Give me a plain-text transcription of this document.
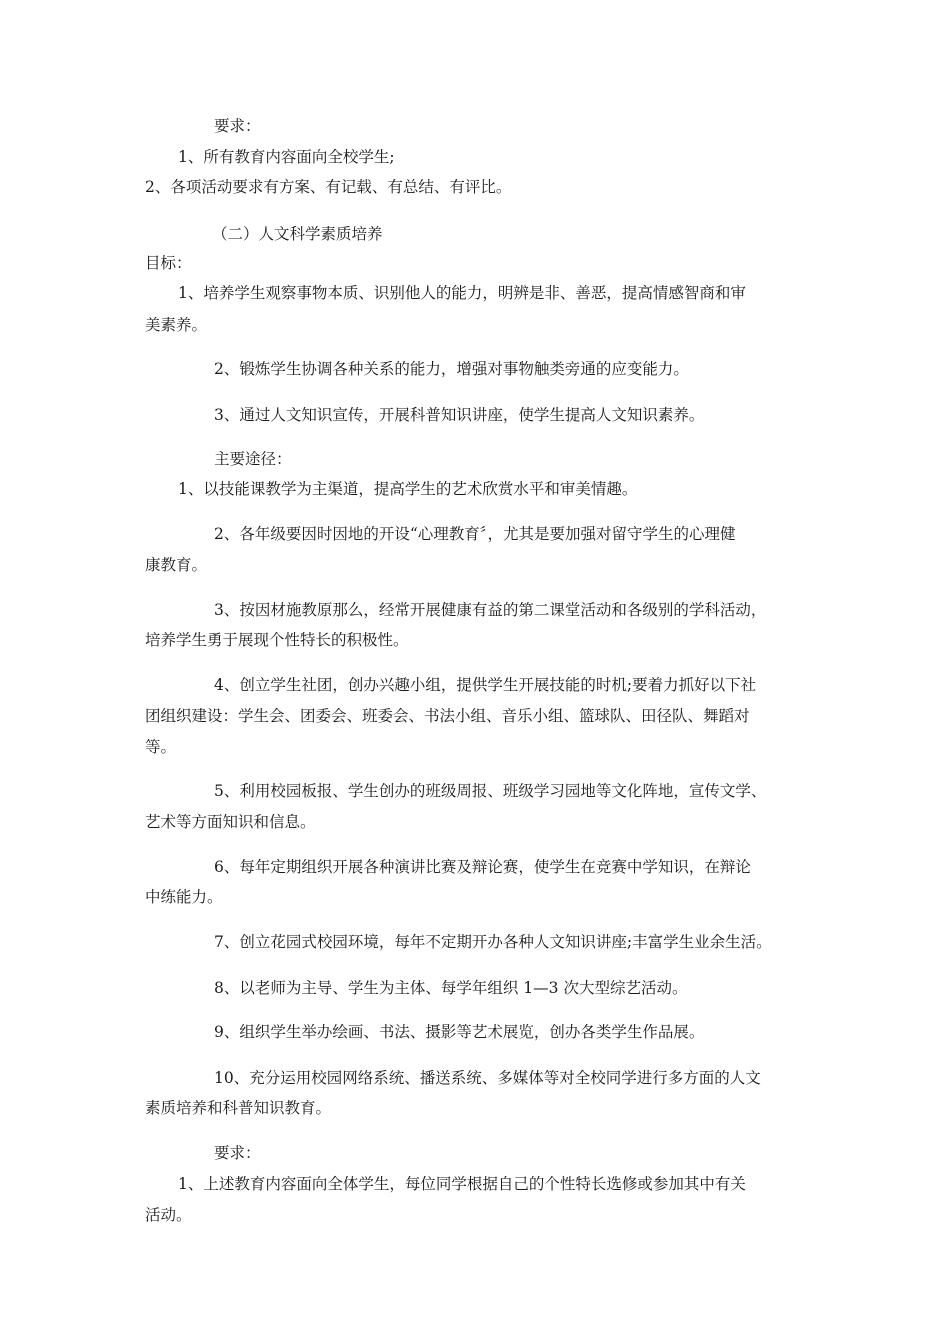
要求：
1、所有教育内容面向全校学生;
2、各项活动要求有方案、有记载、有总结、有评比。
（二）人文科学素质培养
目标：
1、培养学生观察事物本质、识别他人的能力，明辨是非、善恶，提高情感智商和审
美素养。
2、锻炼学生协调各种关系的能力，增强对事物触类旁通的应变能力。
3、通过人文知识宣传，开展科普知识讲座，使学生提高人文知识素养。
主要途径：
1、以技能课教学为主渠道，提高学生的艺术欣赏水平和审美情趣。
2、各年级要因时因地的开设“心理教育〞，尤其是要加强对留守学生的心理健
康教育。
3、按因材施教原那么，经常开展健康有益的第二课堂活动和各级别的学科活动，
培养学生勇于展现个性特长的积极性。
4、创立学生社团，创办兴趣小组，提供学生开展技能的时机;要着力抓好以下社
团组织建设：学生会、团委会、班委会、书法小组、音乐小组、篮球队、田径队、舞蹈对
等。
5、利用校园板报、学生创办的班级周报、班级学习园地等文化阵地，宣传文学、
艺术等方面知识和信息。
6、每年定期组织开展各种演讲比赛及辩论赛，使学生在竞赛中学知识，在辩论
中练能力。
7、创立花园式校园环境，每年不定期开办各种人文知识讲座;丰富学生业余生活。
8、以老师为主导、学生为主体、每学年组织 1—3 次大型综艺活动。
9、组织学生举办绘画、书法、摄影等艺术展览，创办各类学生作品展。
10、充分运用校园网络系统、播送系统、多媒体等对全校同学进行多方面的人文
素质培养和科普知识教育。
要求：
1、上述教育内容面向全体学生，每位同学根据自己的个性特长选修或参加其中有关
活动。
